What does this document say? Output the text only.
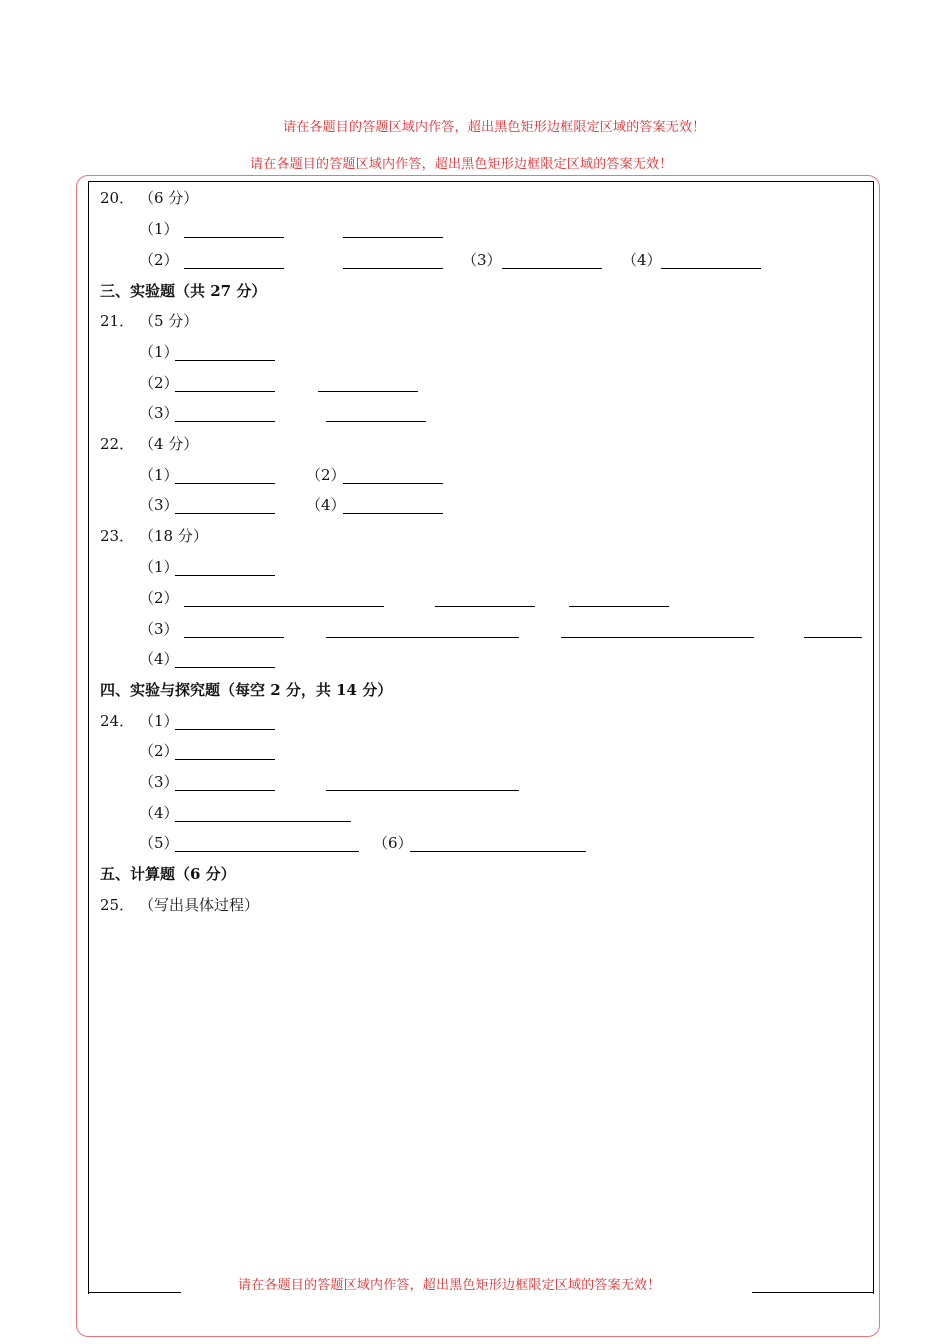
请在各题目的答题区域内作答，超出黑色矩形边框限定区域的答案无效！
请在各题目的答题区域内作答，超出黑色矩形边框限定区域的答案无效！
请在各题目的答题区域内作答，超出黑色矩形边框限定区域的答案无效！
20． （6 分）
（1）
（2）	（3）	（4）
三、实验题（共 27 分）
21． （5 分）
（1）
（2）
（3）
22． （4 分）
（1）	（2）
（3）	（4）
23． （18 分）
（1）
（2）
（3）
（4）
四、实验与探究题（每空 2 分，共 14 分）
24． （1）
（2）
（3）
（4）
（5）	（6）
五、计算题（6 分）
25． （写出具体过程）
